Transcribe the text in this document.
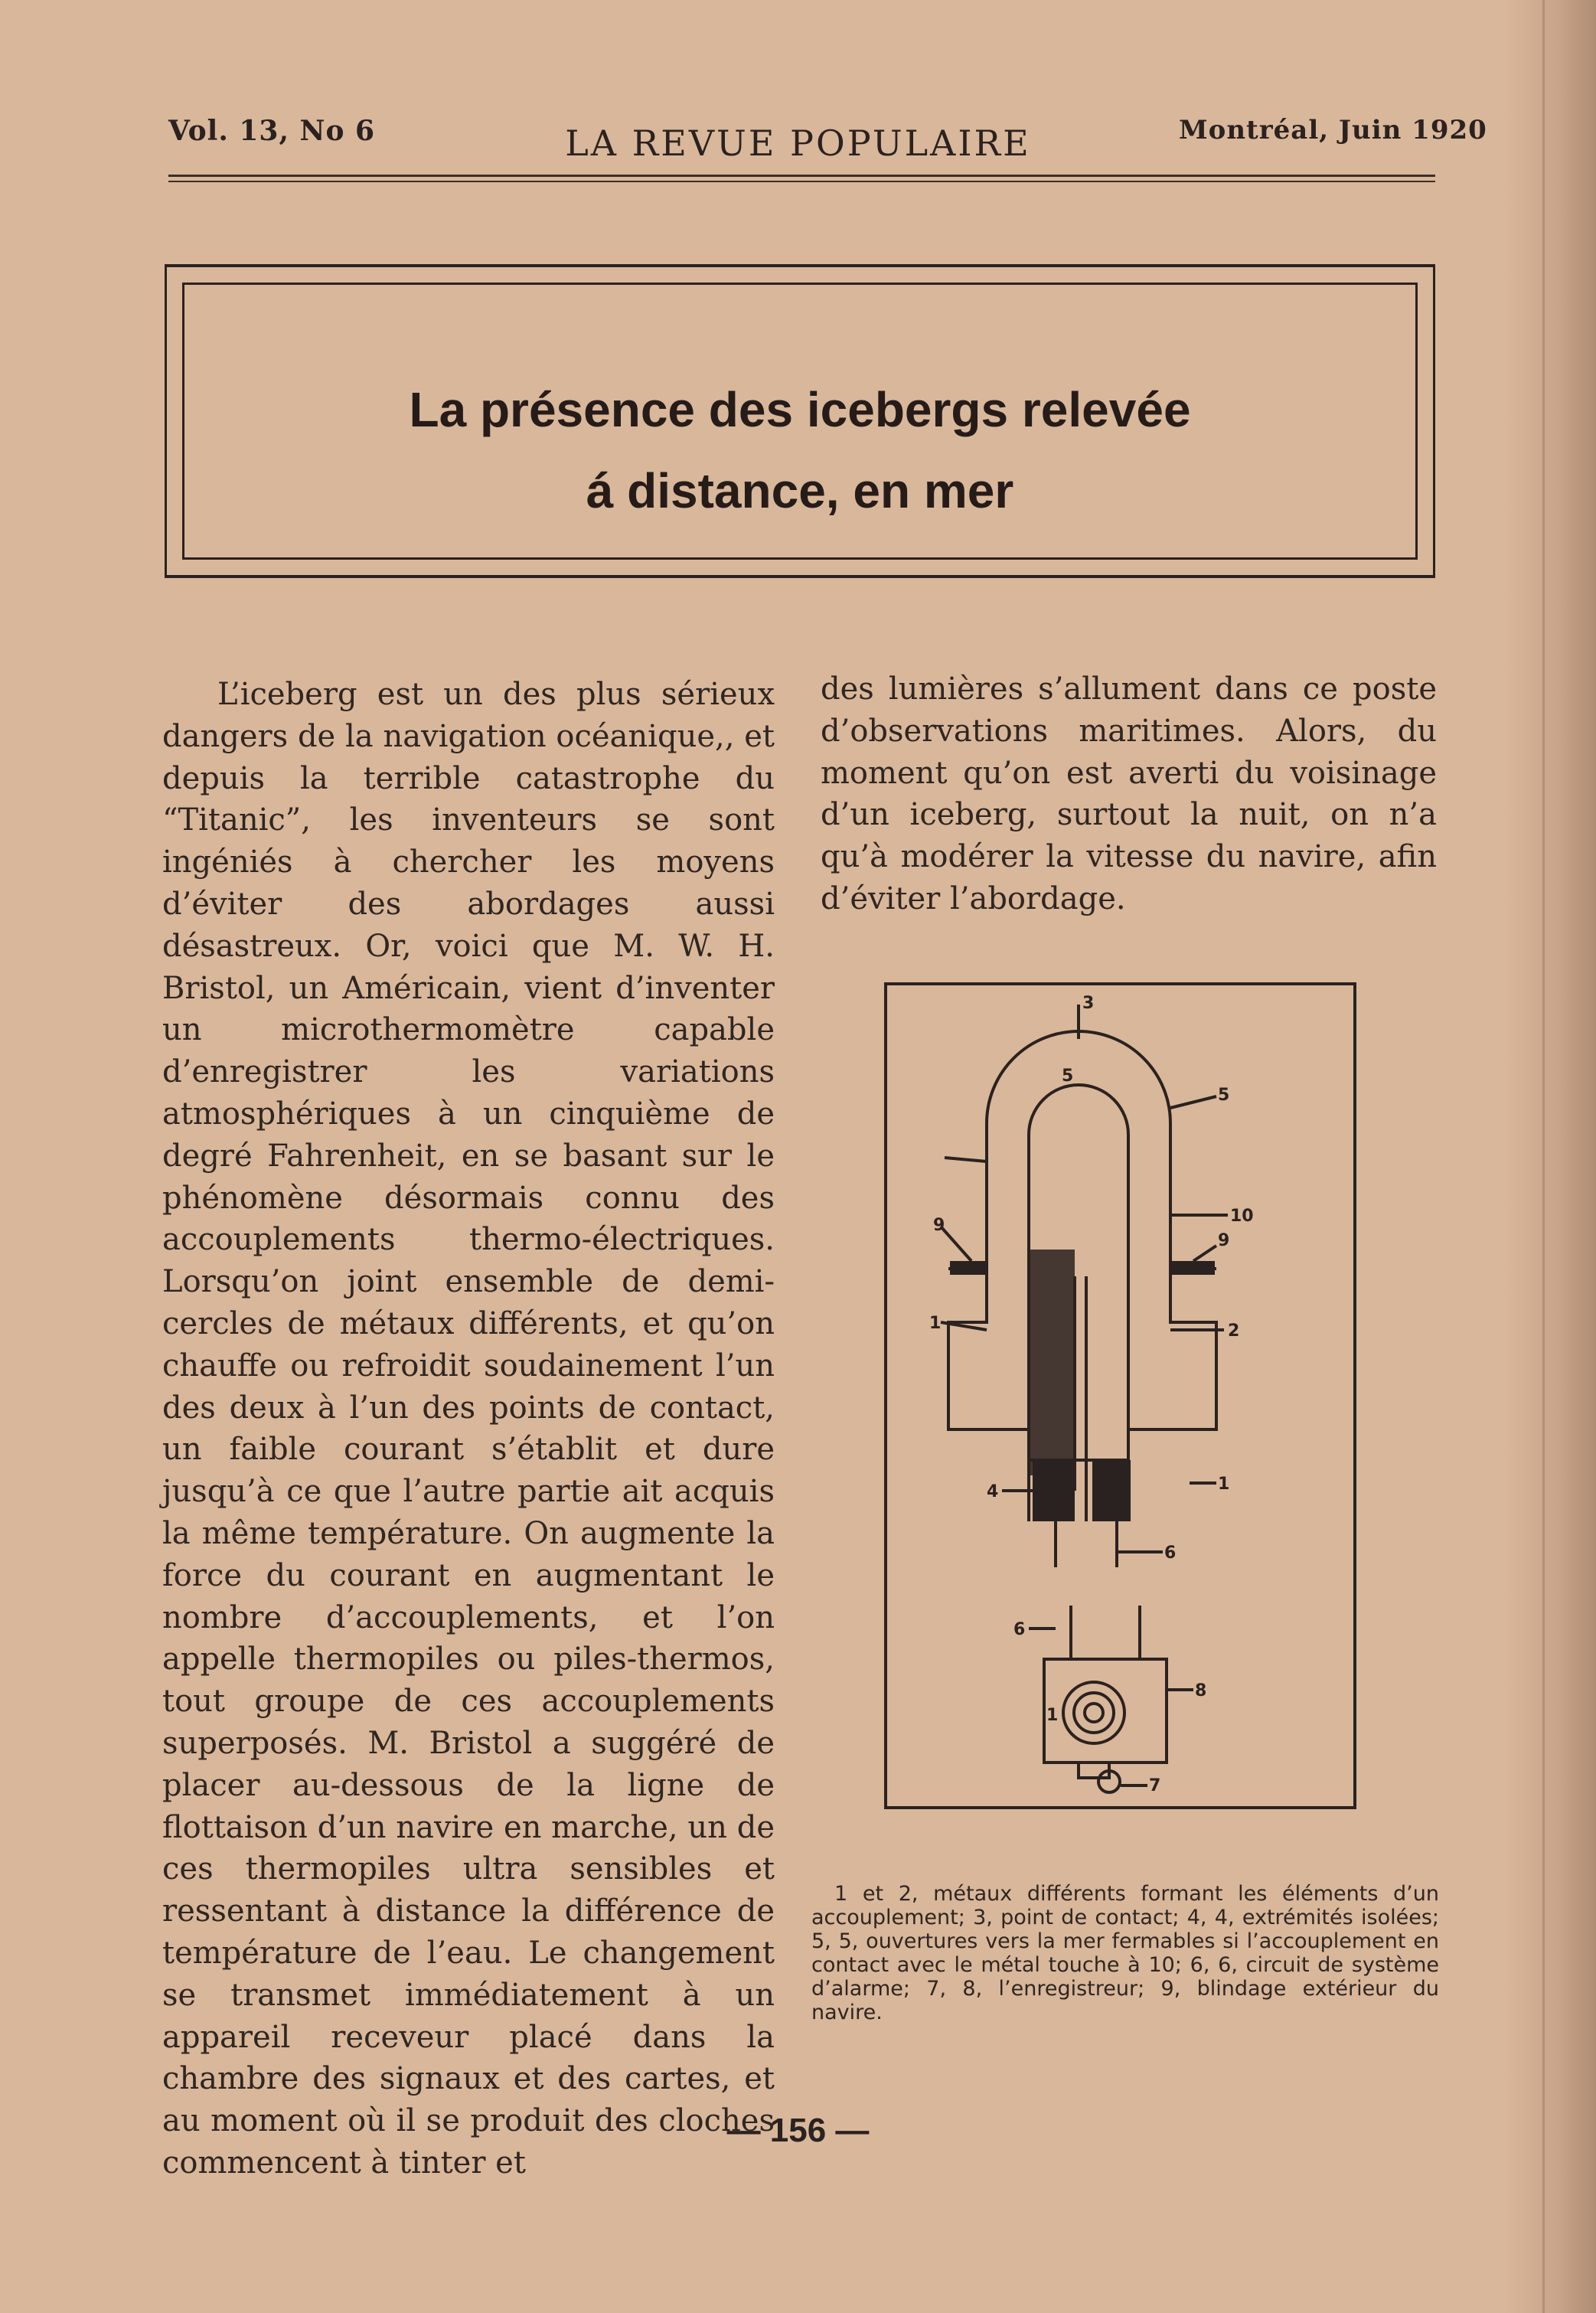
Vol. 13, No 6	LA REVUE POPULAIRE	Montréal, Juin 1920
La présence des icebergs relevée
á distance, en mer

L’iceberg est un des plus sérieux dangers de la navigation océanique,, et depuis la terrible catastrophe du “Titanic”, les inventeurs se sont ingéniés à chercher les moyens d’éviter des abordages aussi désastreux. Or, voici que M. W. H. Bristol, un Américain, vient d’inventer un microthermomètre capable d’enregistrer les variations atmosphériques à un cinquième de degré Fahrenheit, en se basant sur le phénomène désormais connu des accouplements thermo-électriques. Lorsqu’on joint ensemble de demi-cercles de métaux différents, et qu’on chauffe ou refroidit soudainement l’un des deux à l’un des points de contact, un faible courant s’établit et dure jusqu’à ce que l’autre partie ait acquis la même température. On augmente la force du courant en augmentant le nombre d’accouplements, et l’on appelle thermopiles ou piles-thermos, tout groupe de ces accouplements superposés. M. Bristol a suggéré de placer au-dessous de la ligne de flottaison d’un navire en marche, un de ces thermopiles ultra sensibles et ressentant à distance la différence de température de l’eau. Le changement se transmet immédiatement à un appareil receveur placé dans la chambre des signaux et des cartes, et au moment où il se produit des cloches commencent à tinter et

des lumières s’allument dans ce poste d’observations maritimes. Alors, du moment qu’on est averti du voisinage d’un iceberg, surtout la nuit, on n’a qu’à modérer la vitesse du navire, afin d’éviter l’abordage.

3
5
5
10
9
9
1	2
4	1
6
6
1
8
7

1 et 2, métaux différents formant les éléments d’un accouplement; 3, point de contact; 4, 4, extrémités isolées; 5, 5, ouvertures vers la mer fermables si l’accouplement en contact avec le métal touche à 10; 6, 6, circuit de système d’alarme; 7, 8, l’enregistreur; 9, blindage extérieur du navire.

— 156 —
